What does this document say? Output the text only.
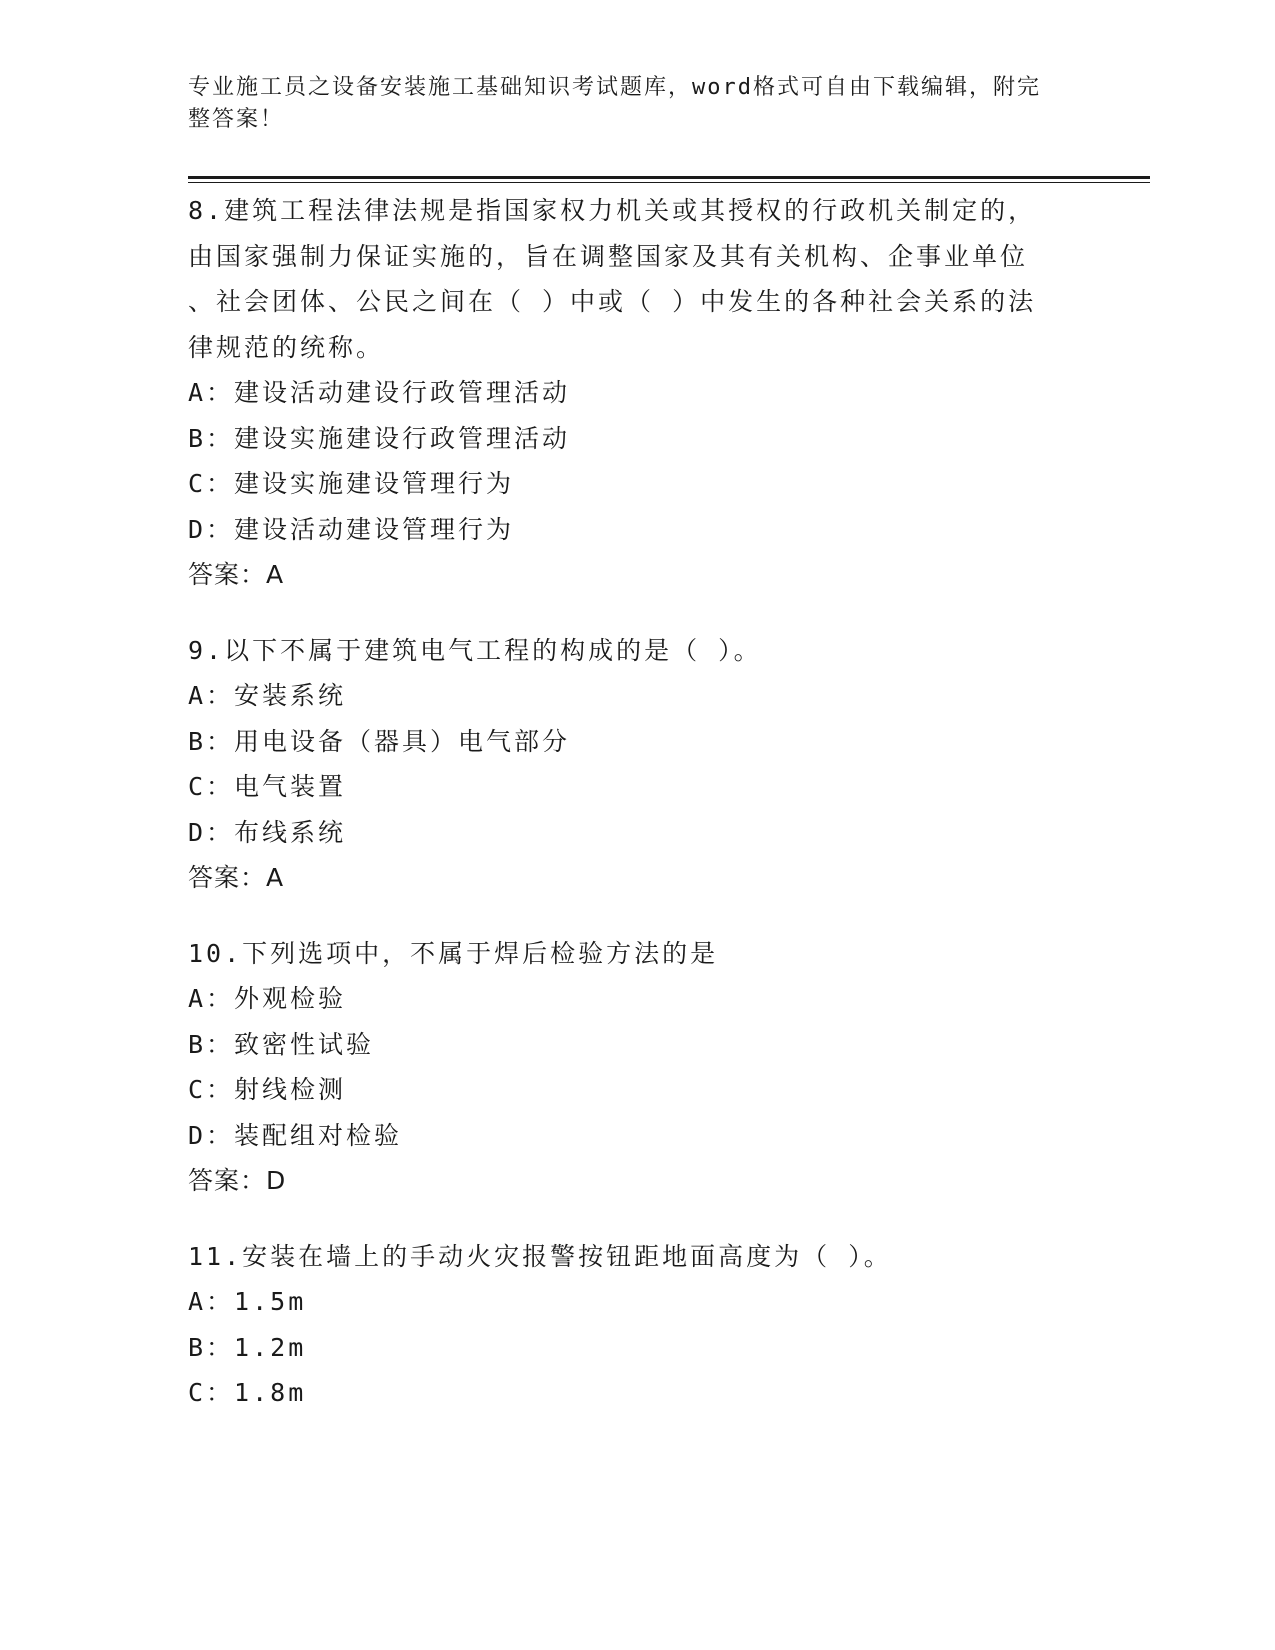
专业施工员之设备安装施工基础知识考试题库，word格式可自由下载编辑，附完
整答案！

8.建筑工程法律法规是指国家权力机关或其授权的行政机关制定的，

由国家强制力保证实施的，旨在调整国家及其有关机构、企事业单位

、社会团体、公民之间在（ ）中或（ ）中发生的各种社会关系的法

律规范的统称。

A：建设活动建设行政管理活动

B：建设实施建设行政管理活动

C：建设实施建设管理行为

D：建设活动建设管理行为

答案：A

9.以下不属于建筑电气工程的构成的是（ ）。

A：安装系统

B：用电设备（器具）电气部分

C：电气装置

D：布线系统

答案：A

10.下列选项中，不属于焊后检验方法的是

A：外观检验

B：致密性试验

C：射线检测

D：装配组对检验

答案：D

11.安装在墙上的手动火灾报警按钮距地面高度为（ ）。

A：1.5m

B：1.2m

C：1.8m
